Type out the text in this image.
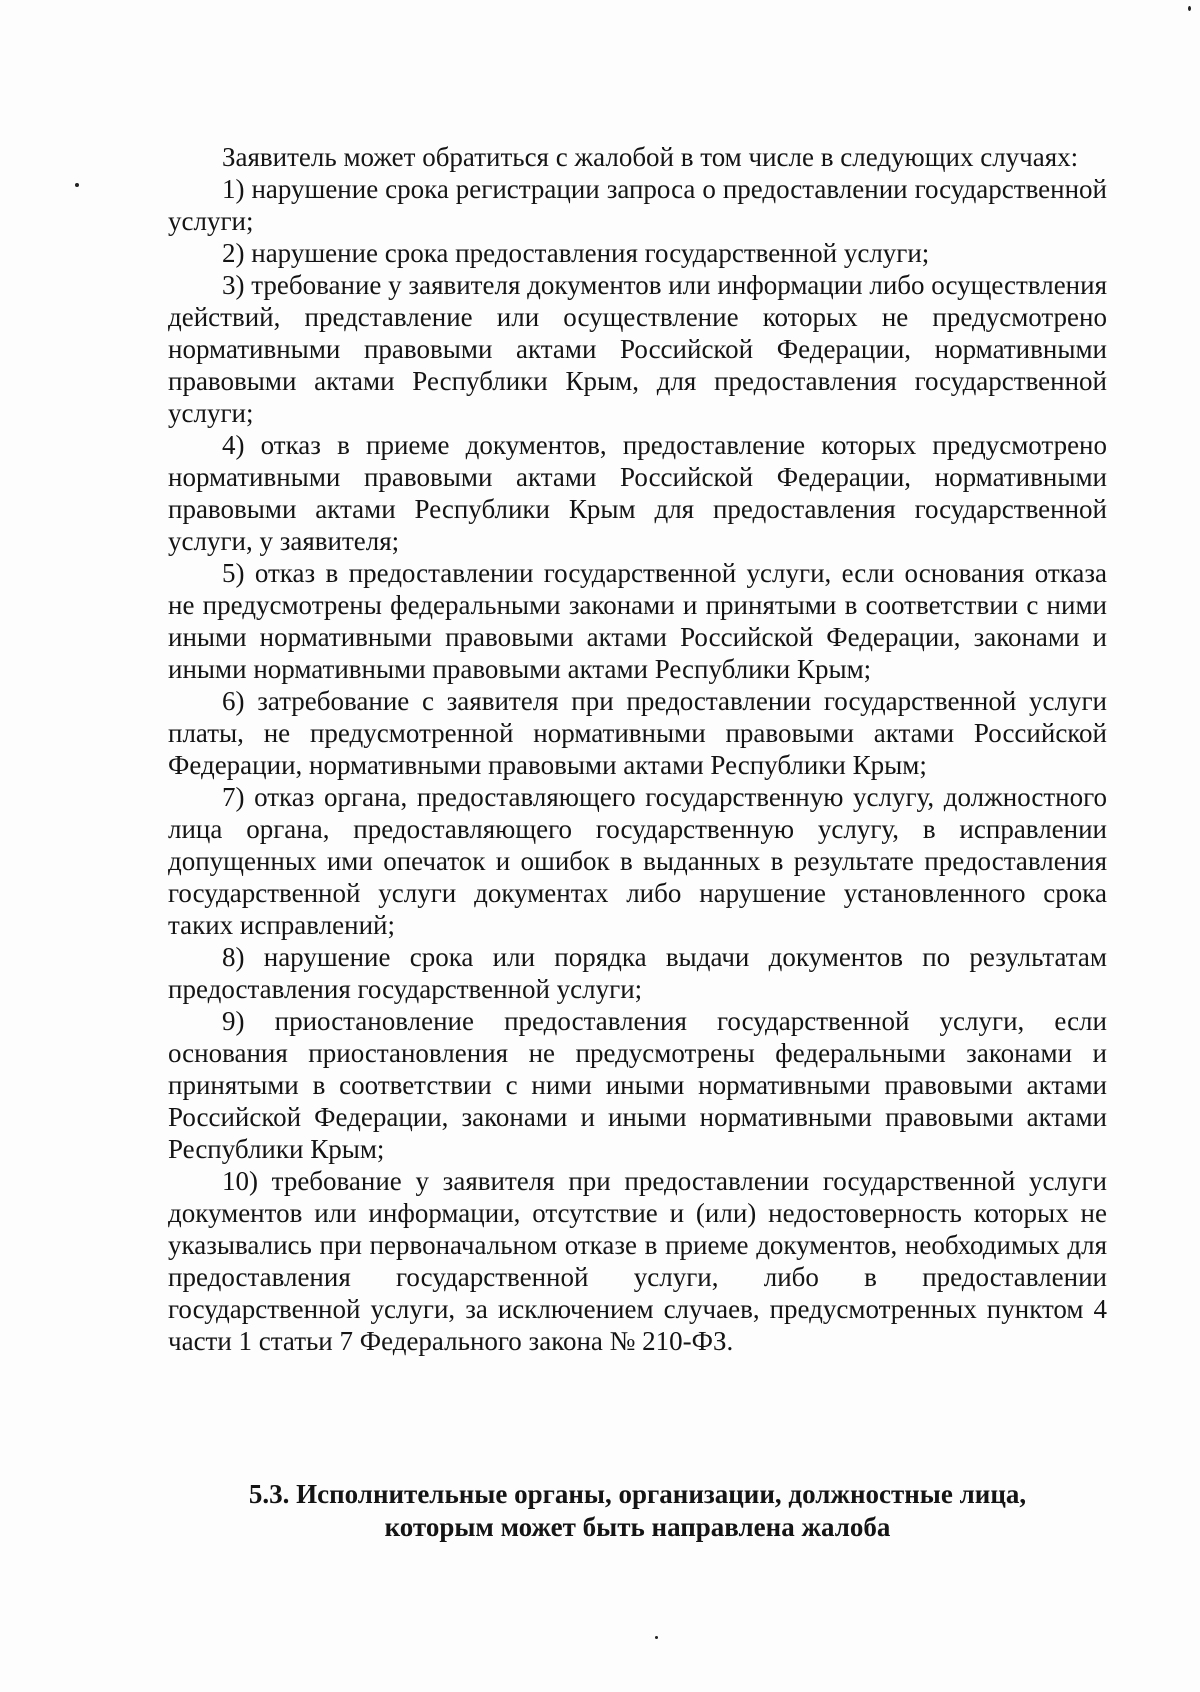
Заявитель может обратиться с жалобой в том числе в следующих случаях:

1) нарушение срока регистрации запроса о предоставлении государственной услуги;

2) нарушение срока предоставления государственной услуги;

3) требование у заявителя документов или информации либо осуществления действий, представление или осуществление которых не предусмотрено нормативными правовыми актами Российской Федерации, нормативными правовыми актами Республики Крым, для предоставления государственной услуги;

4) отказ в приеме документов, предоставление которых предусмотрено нормативными правовыми актами Российской Федерации, нормативными правовыми актами Республики Крым для предоставления государственной услуги, у заявителя;

5) отказ в предоставлении государственной услуги, если основания отказа не предусмотрены федеральными законами и принятыми в соответствии с ними иными нормативными правовыми актами Российской Федерации, законами и иными нормативными правовыми актами Республики Крым;

6) затребование с заявителя при предоставлении государственной услуги платы, не предусмотренной нормативными правовыми актами Российской Федерации, нормативными правовыми актами Республики Крым;

7) отказ органа, предоставляющего государственную услугу, должностного лица органа, предоставляющего государственную услугу, в исправлении допущенных ими опечаток и ошибок в выданных в результате предоставления государственной услуги документах либо нарушение установленного срока таких исправлений;

8) нарушение срока или порядка выдачи документов по результатам предоставления государственной услуги;

9) приостановление предоставления государственной услуги, если основания приостановления не предусмотрены федеральными законами и принятыми в соответствии с ними иными нормативными правовыми актами Российской Федерации, законами и иными нормативными правовыми актами Республики Крым;

10) требование у заявителя при предоставлении государственной услуги документов или информации, отсутствие и (или) недостоверность которых не указывались при первоначальном отказе в приеме документов, необходимых для предоставления государственной услуги, либо в предоставлении государственной услуги, за исключением случаев, предусмотренных пунктом 4 части 1 статьи 7 Федерального закона № 210-ФЗ.

5.3. Исполнительные органы, организации, должностные лица,
которым может быть направлена жалоба
